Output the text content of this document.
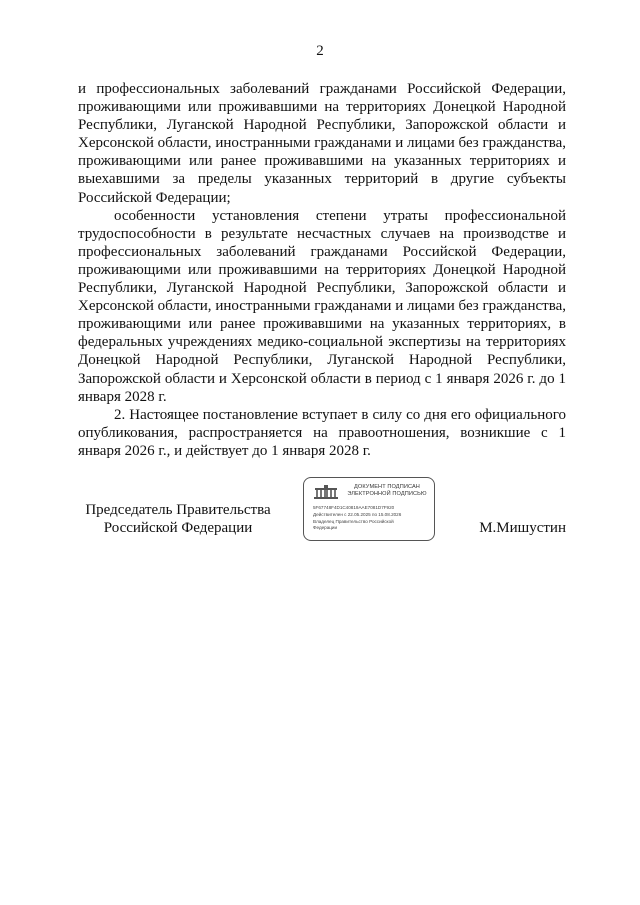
2

и профессиональных заболеваний гражданами Российской Федерации, проживающими или проживавшими на территориях Донецкой Народной Республики, Луганской Народной Республики, Запорожской области и Херсонской области, иностранными гражданами и лицами без гражданства, проживающими или ранее проживавшими на указанных территориях и выехавшими за пределы указанных территорий в другие субъекты Российской Федерации;

особенности установления степени утраты профессиональной трудоспособности в результате несчастных случаев на производстве и профессиональных заболеваний гражданами Российской Федерации, проживающими или проживавшими на территориях Донецкой Народной Республики, Луганской Народной Республики, Запорожской области и Херсонской области, иностранными гражданами и лицами без гражданства, проживающими или ранее проживавшими на указанных территориях, в федеральных учреждениях медико-социальной экспертизы на территориях Донецкой Народной Республики, Луганской Народной Республики, Запорожской области и Херсонской области в период с 1 января 2026 г. до 1 января 2028 г.

2. Настоящее постановление вступает в силу со дня его официального опубликования, распространяется на правоотношения, возникшие с 1 января 2026 г., и действует до 1 января 2028 г.

Председатель Правительства
Российской Федерации
ДОКУМЕНТ ПОДПИСАН
ЭЛЕКТРОННОЙ ПОДПИСЬЮ
5F67748F4D1C40819AAE7081D7F920
Действителен с 22.05.2025 по 15.08.2026
Владелец Правительство Российской
Федерации	М.Мишустин
